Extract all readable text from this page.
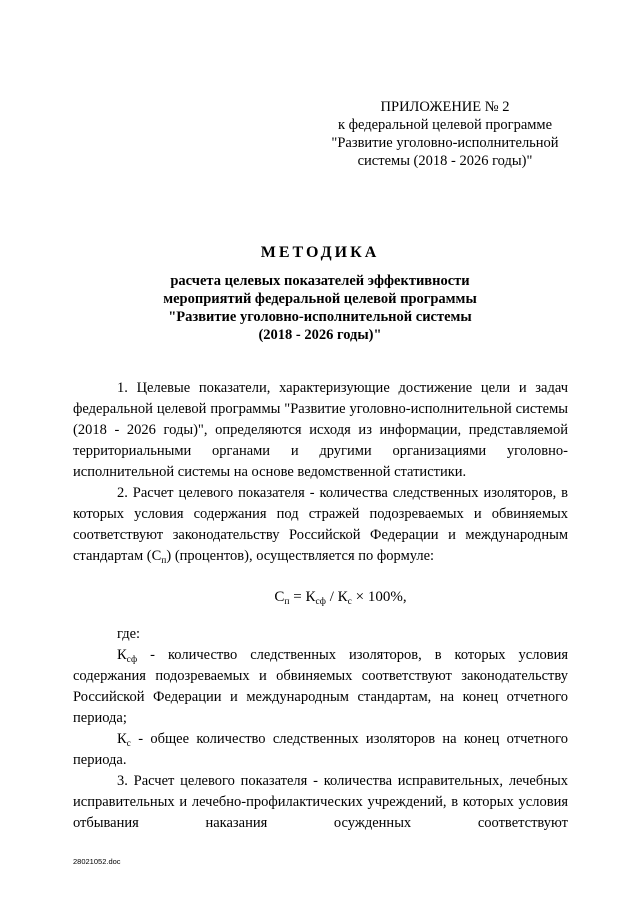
ПРИЛОЖЕНИЕ № 2
к федеральной целевой программе
"Развитие уголовно-исполнительной
системы (2018 - 2026 годы)"
МЕТОДИКА
расчета целевых показателей эффективности
мероприятий федеральной целевой программы
"Развитие уголовно-исполнительной системы
(2018 - 2026 годы)"

1. Целевые показатели, характеризующие достижение цели и задач федеральной целевой программы "Развитие уголовно-исполнительной системы (2018 - 2026 годы)", определяются исходя из информации, представляемой территориальными органами и другими организациями уголовно-исполнительной системы на основе ведомственной статистики.

2. Расчет целевого показателя - количества следственных изоляторов, в которых условия содержания под стражей подозреваемых и обвиняемых соответствуют законодательству Российской Федерации и международным стандартам $(С_п)$ (процентов), осуществляется по формуле:

$С_п = К_{сф} / К_с \times 100\%$,
где:

$К_{сф}$ - количество следственных изоляторов, в которых условия содержания подозреваемых и обвиняемых соответствуют законодательству Российской Федерации и международным стандартам, на конец отчетного периода;

$К_с$ - общее количество следственных изоляторов на конец отчетного периода.

3. Расчет целевого показателя - количества исправительных, лечебных исправительных и лечебно-профилактических учреждений, в которых условия отбывания наказания осужденных соответствуют

28021052.doc
